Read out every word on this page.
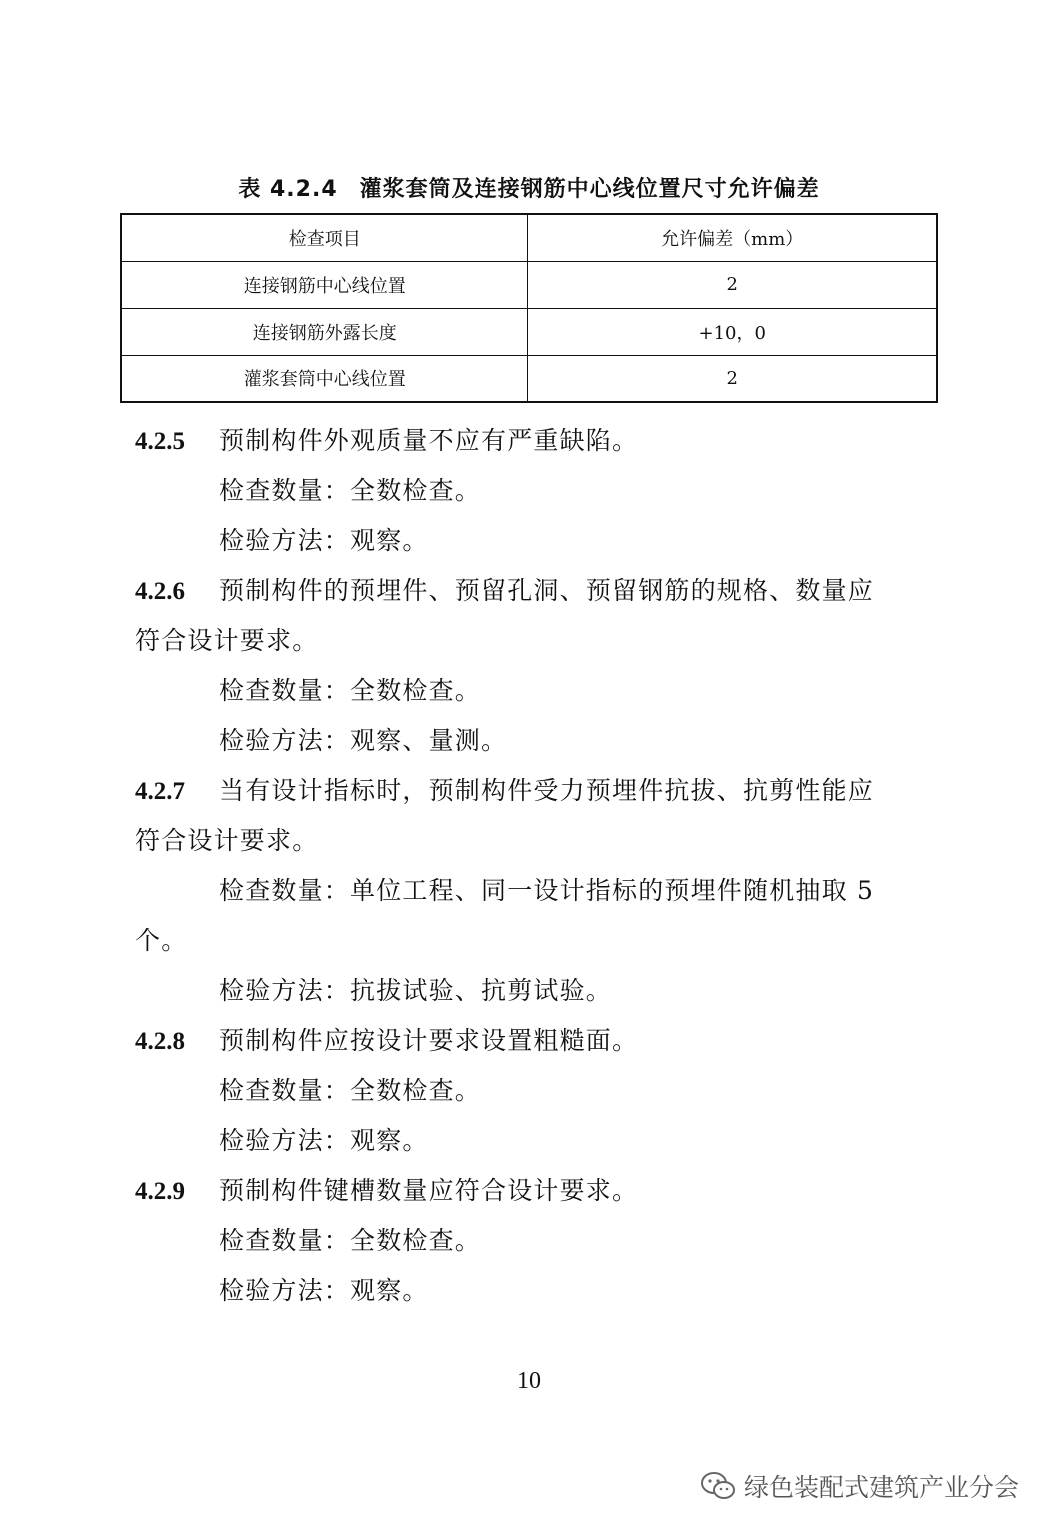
表 4.2.4 灌浆套筒及连接钢筋中心线位置尺寸允许偏差
检查项目	允许偏差（mm）
连接钢筋中心线位置	2
连接钢筋外露长度	+10，0
灌浆套筒中心线位置	2
4.2.5 预制构件外观质量不应有严重缺陷。
检查数量：全数检查。
检验方法：观察。
4.2.6 预制构件的预埋件、预留孔洞、预留钢筋的规格、数量应
符合设计要求。
检查数量：全数检查。
检验方法：观察、量测。
4.2.7 当有设计指标时，预制构件受力预埋件抗拔、抗剪性能应
符合设计要求。
检查数量：单位工程、同一设计指标的预埋件随机抽取 5
个。
检验方法：抗拔试验、抗剪试验。
4.2.8 预制构件应按设计要求设置粗糙面。
检查数量：全数检查。
检验方法：观察。
4.2.9 预制构件键槽数量应符合设计要求。
检查数量：全数检查。
检验方法：观察。
10
绿色装配式建筑产业分会
